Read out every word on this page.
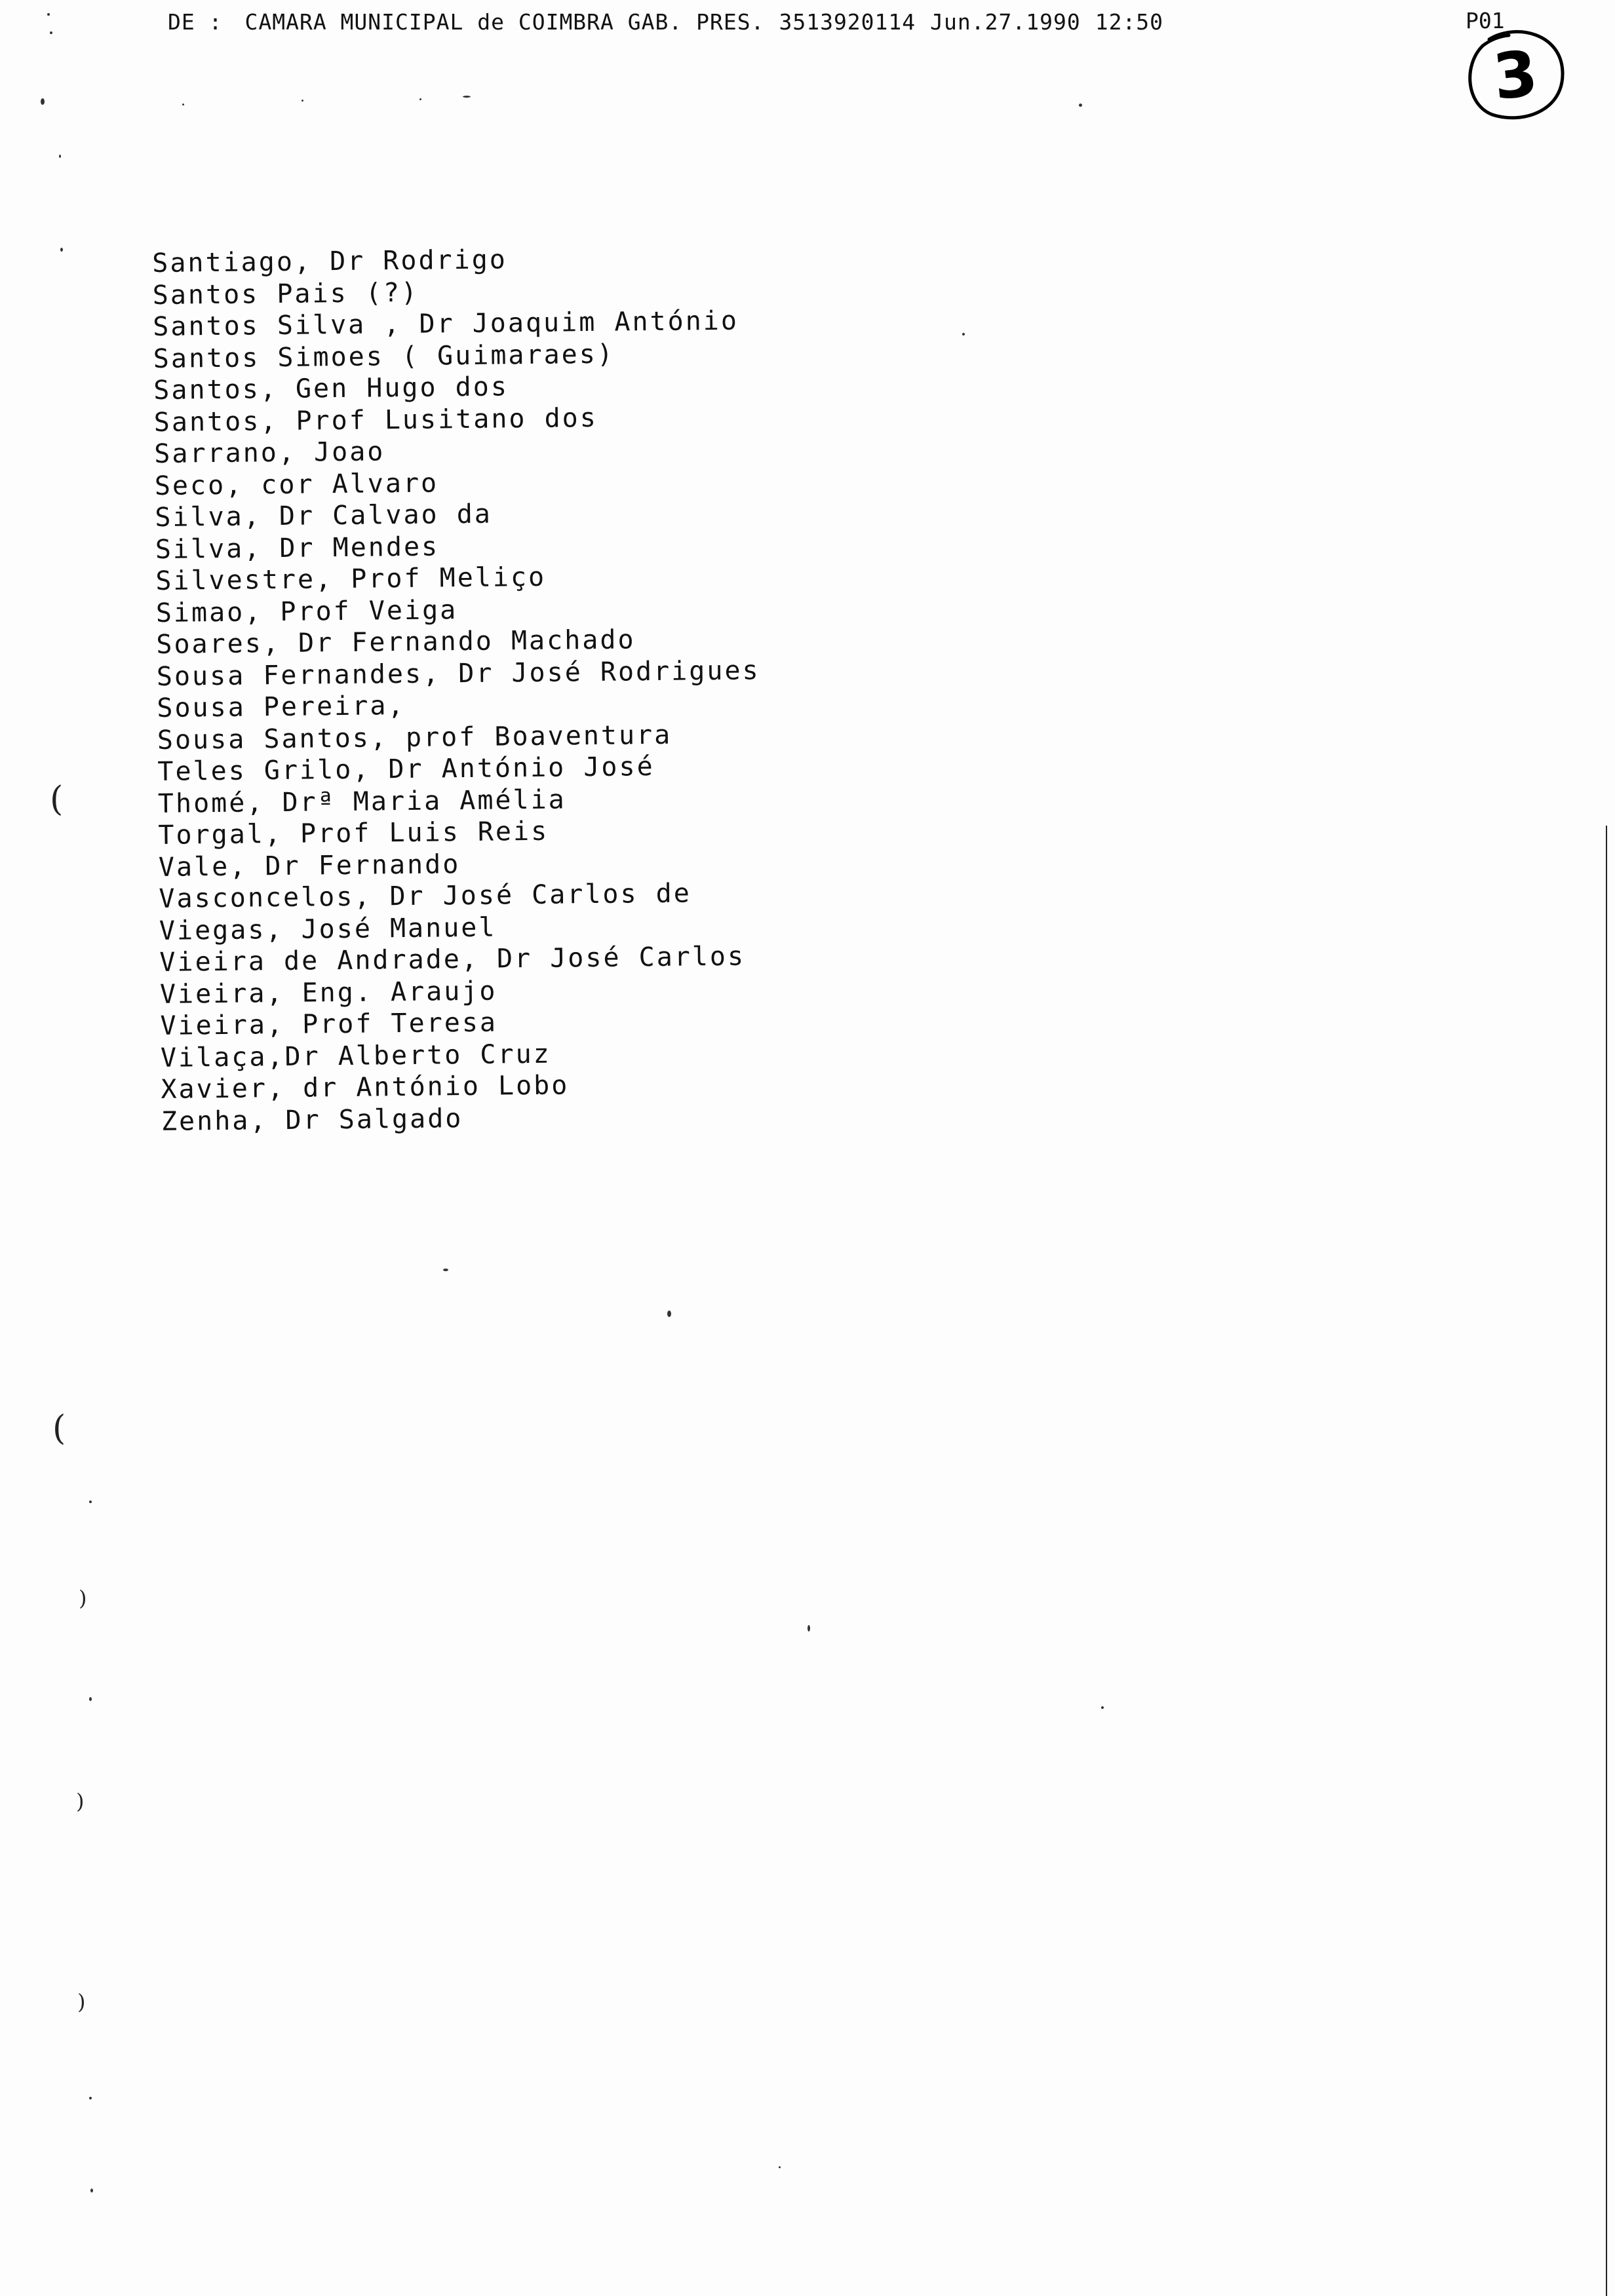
DE : CAMARA MUNICIPAL de COIMBRA GAB. PRES. 3513920114 Jun.27.1990 12:50	P01
3
Santiago, Dr Rodrigo
Santos Pais (?)
Santos Silva , Dr Joaquim António
Santos Simoes ( Guimaraes)
Santos, Gen Hugo dos
Santos, Prof Lusitano dos
Sarrano, Joao
Seco, cor Alvaro
Silva, Dr Calvao da
Silva, Dr Mendes
Silvestre, Prof Meliço
Simao, Prof Veiga
Soares, Dr Fernando Machado
Sousa Fernandes, Dr José Rodrigues
Sousa Pereira,
Sousa Santos, prof Boaventura
Teles Grilo, Dr António José
Thomé, Drª Maria Amélia
Torgal, Prof Luis Reis
Vale, Dr Fernando
Vasconcelos, Dr José Carlos de
Viegas, José Manuel
Vieira de Andrade, Dr José Carlos
Vieira, Eng. Araujo
Vieira, Prof Teresa
Vilaça,Dr Alberto Cruz
Xavier, dr António Lobo
Zenha, Dr Salgado
(
(
)
)
)
